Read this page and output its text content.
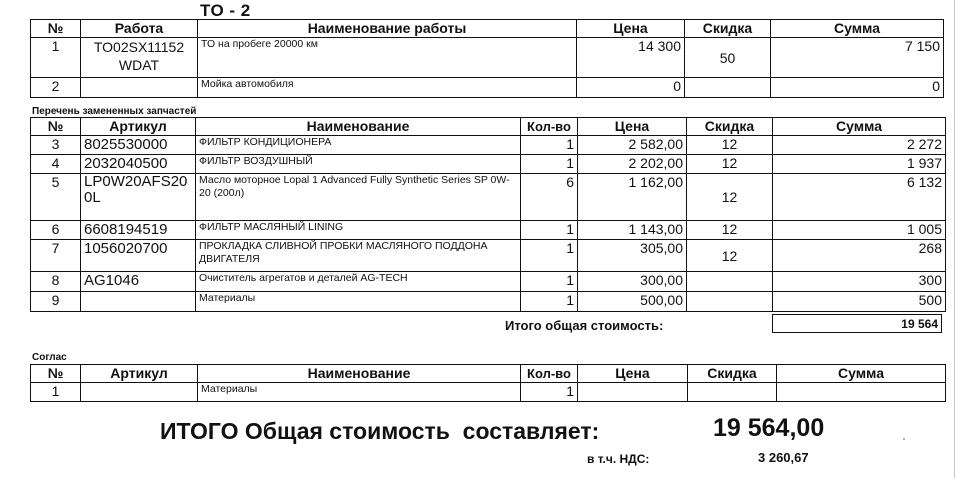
ТО - 2
№	Работа	Наименование работы	Цена	Скидка	Сумма
1	TO02SX11152 WDAT	ТО на пробеге 20000 км	14 300	50	7 150
2		Мойка автомобиля	0		0
Перечень замененных запчастей
№	Артикул	Наименование	Кол-во	Цена	Скидка	Сумма
3	8025530000	ФИЛЬТР КОНДИЦИОНЕРА	1	2 582,00	12	2 272
4	2032040500	ФИЛЬТР ВОЗДУШНЫЙ	1	2 202,00	12	1 937
5	LP0W20AFS200L	Масло моторное Lopal 1 Advanced Fully Synthetic Series SP 0W-20 (200л)	6	1 162,00	12	6 132
6	6608194519	ФИЛЬТР МАСЛЯНЫЙ LINING	1	1 143,00	12	1 005
7	1056020700	ПРОКЛАДКА СЛИВНОЙ ПРОБКИ МАСЛЯНОГО ПОДДОНА ДВИГАТЕЛЯ	1	305,00	12	268
8	AG1046	Очиститель агрегатов и деталей AG-TECH	1	300,00		300
9		Материалы	1	500,00		500
Итого общая стоимость:	19 564
Соглас
№	Артикул	Наименование	Кол-во	Цена	Скидка	Сумма
1		Материалы	1			
ИТОГО Общая стоимость  составляет:	19 564,00
в т.ч. НДС:	3 260,67
